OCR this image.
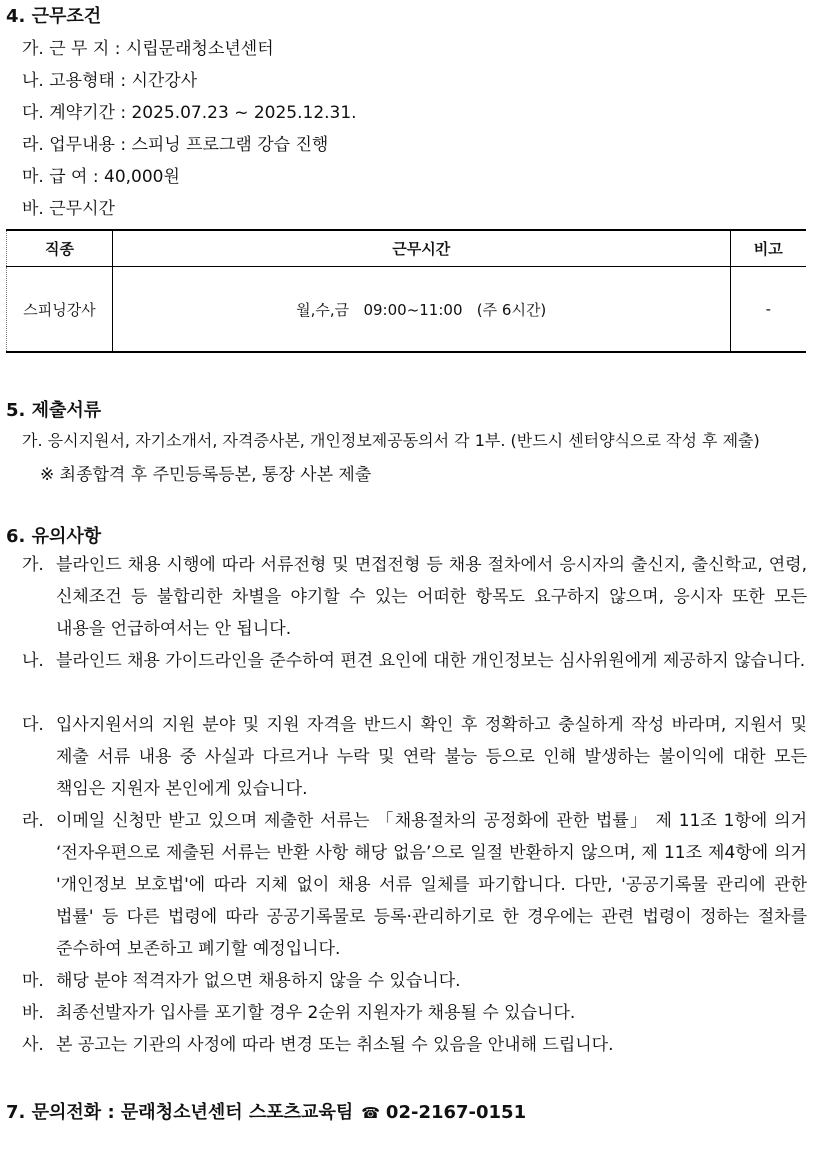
4. 근무조건
가. 근 무 지 : 시립문래청소년센터
나. 고용형태 : 시간강사
다. 계약기간 : 2025.07.23 ~ 2025.12.31.
라. 업무내용 : 스피닝 프로그램 강습 진행
마. 급 여 : 40,000원
바. 근무시간
직종	근무시간	비고
스피닝강사	월,수,금   09:00~11:00   (주 6시간)	-
5. 제출서류
가. 응시지원서, 자기소개서, 자격증사본, 개인정보제공동의서 각 1부. (반드시 센터양식으로 작성 후 제출)
※ 최종합격 후 주민등록등본, 통장 사본 제출
6. 유의사항
가. 블라인드 채용 시행에 따라 서류전형 및 면접전형 등 채용 절차에서 응시자의 출신지, 출신학교, 연령, 신체조건 등 불합리한 차별을 야기할 수 있는 어떠한 항목도 요구하지 않으며, 응시자 또한 모든 내용을 언급하여서는 안 됩니다.
나. 블라인드 채용 가이드라인을 준수하여 편견 요인에 대한 개인정보는 심사위원에게 제공하지 않습니다.
다. 입사지원서의 지원 분야 및 지원 자격을 반드시 확인 후 정확하고 충실하게 작성 바라며, 지원서 및 제출 서류 내용 중 사실과 다르거나 누락 및 연락 불능 등으로 인해 발생하는 불이익에 대한 모든 책임은 지원자 본인에게 있습니다.
라. 이메일 신청만 받고 있으며 제출한 서류는 「채용절차의 공정화에 관한 법률」 제 11조 1항에 의거 ‘전자우편으로 제출된 서류는 반환 사항 해당 없음’으로 일절 반환하지 않으며, 제 11조 제4항에 의거 '개인정보 보호법'에 따라 지체 없이 채용 서류 일체를 파기합니다. 다만, '공공기록물 관리에 관한 법률' 등 다른 법령에 따라 공공기록물로 등록·관리하기로 한 경우에는 관련 법령이 정하는 절차를 준수하여 보존하고 폐기할 예정입니다.
마. 해당 분야 적격자가 없으면 채용하지 않을 수 있습니다.
바. 최종선발자가 입사를 포기할 경우 2순위 지원자가 채용될 수 있습니다.
사. 본 공고는 기관의 사정에 따라 변경 또는 취소될 수 있음을 안내해 드립니다.
7. 문의전화 : 문래청소년센터 스포츠교육팀 ☎ 02-2167-0151
